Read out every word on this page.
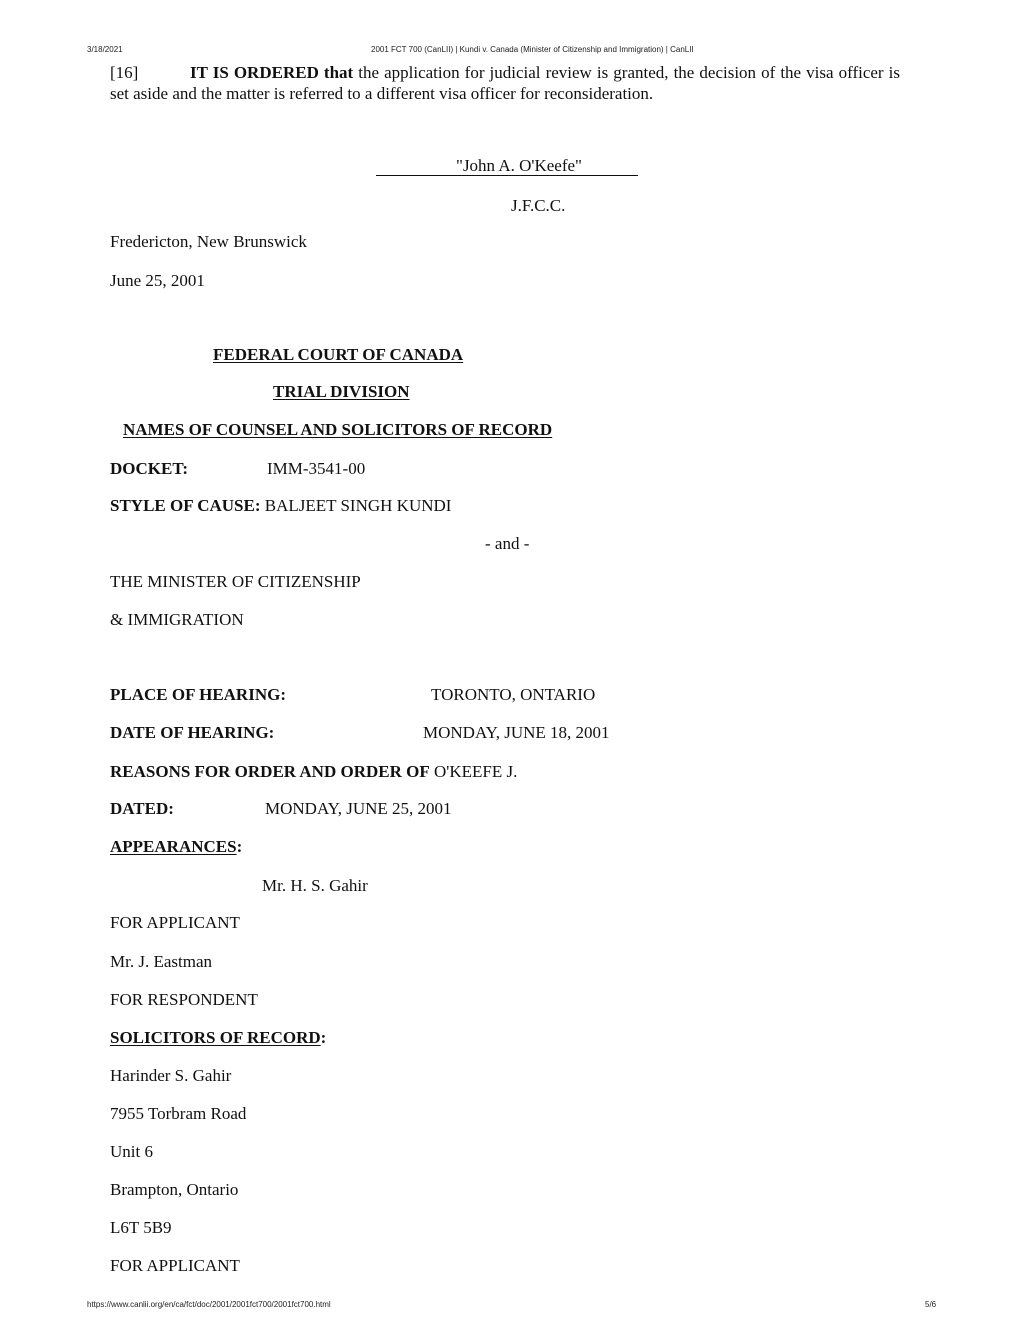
3/18/2021	2001 FCT 700 (CanLII) | Kundi v. Canada (Minister of Citizenship and Immigration) | CanLII
[16]	IT IS ORDERED that the application for judicial review is granted, the decision of the visa officer is set aside and the matter is referred to a different visa officer for reconsideration.
"John A. O'Keefe"
J.F.C.C.
Fredericton, New Brunswick
June 25, 2001
FEDERAL COURT OF CANADA
TRIAL DIVISION
NAMES OF COUNSEL AND SOLICITORS OF RECORD
DOCKET:	IMM-3541-00
STYLE OF CAUSE: BALJEET SINGH KUNDI
- and -
THE MINISTER OF CITIZENSHIP
& IMMIGRATION
PLACE OF HEARING:	TORONTO, ONTARIO
DATE OF HEARING:	MONDAY, JUNE 18, 2001
REASONS FOR ORDER AND ORDER OF O'KEEFE J.
DATED:	MONDAY, JUNE 25, 2001
APPEARANCES:
Mr. H. S. Gahir
FOR APPLICANT
Mr. J. Eastman
FOR RESPONDENT
SOLICITORS OF RECORD:
Harinder S. Gahir
7955 Torbram Road
Unit 6
Brampton, Ontario
L6T 5B9
FOR APPLICANT
https://www.canlii.org/en/ca/fct/doc/2001/2001fct700/2001fct700.html	5/6
